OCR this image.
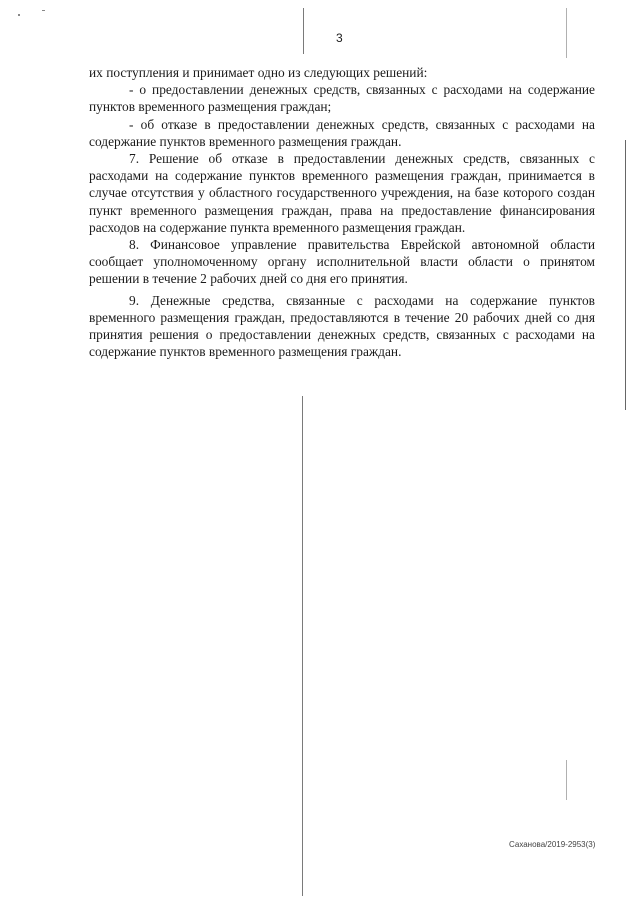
3

их поступления и принимает одно из следующих решений:

- о предоставлении денежных средств, связанных с расходами на содержание пунктов временного размещения граждан;

- об отказе в предоставлении денежных средств, связанных с расходами на содержание пунктов временного размещения граждан.

7. Решение об отказе в предоставлении денежных средств, связанных с расходами на содержание пунктов временного размещения граждан, принимается в случае отсутствия у областного государственного учреждения, на базе которого создан пункт временного размещения граждан, права на предоставление финансирования расходов на содержание пункта временного размещения граждан.

8. Финансовое управление правительства Еврейской автономной области сообщает уполномоченному органу исполнительной власти области о принятом решении в течение 2 рабочих дней со дня его принятия.

9. Денежные средства, связанные с расходами на содержание пунктов временного размещения граждан, предоставляются в течение 20 рабочих дней со дня принятия решения о предоставлении денежных средств, связанных с расходами на содержание пунктов временного размещения граждан.

Саханова/2019-2953(3)
